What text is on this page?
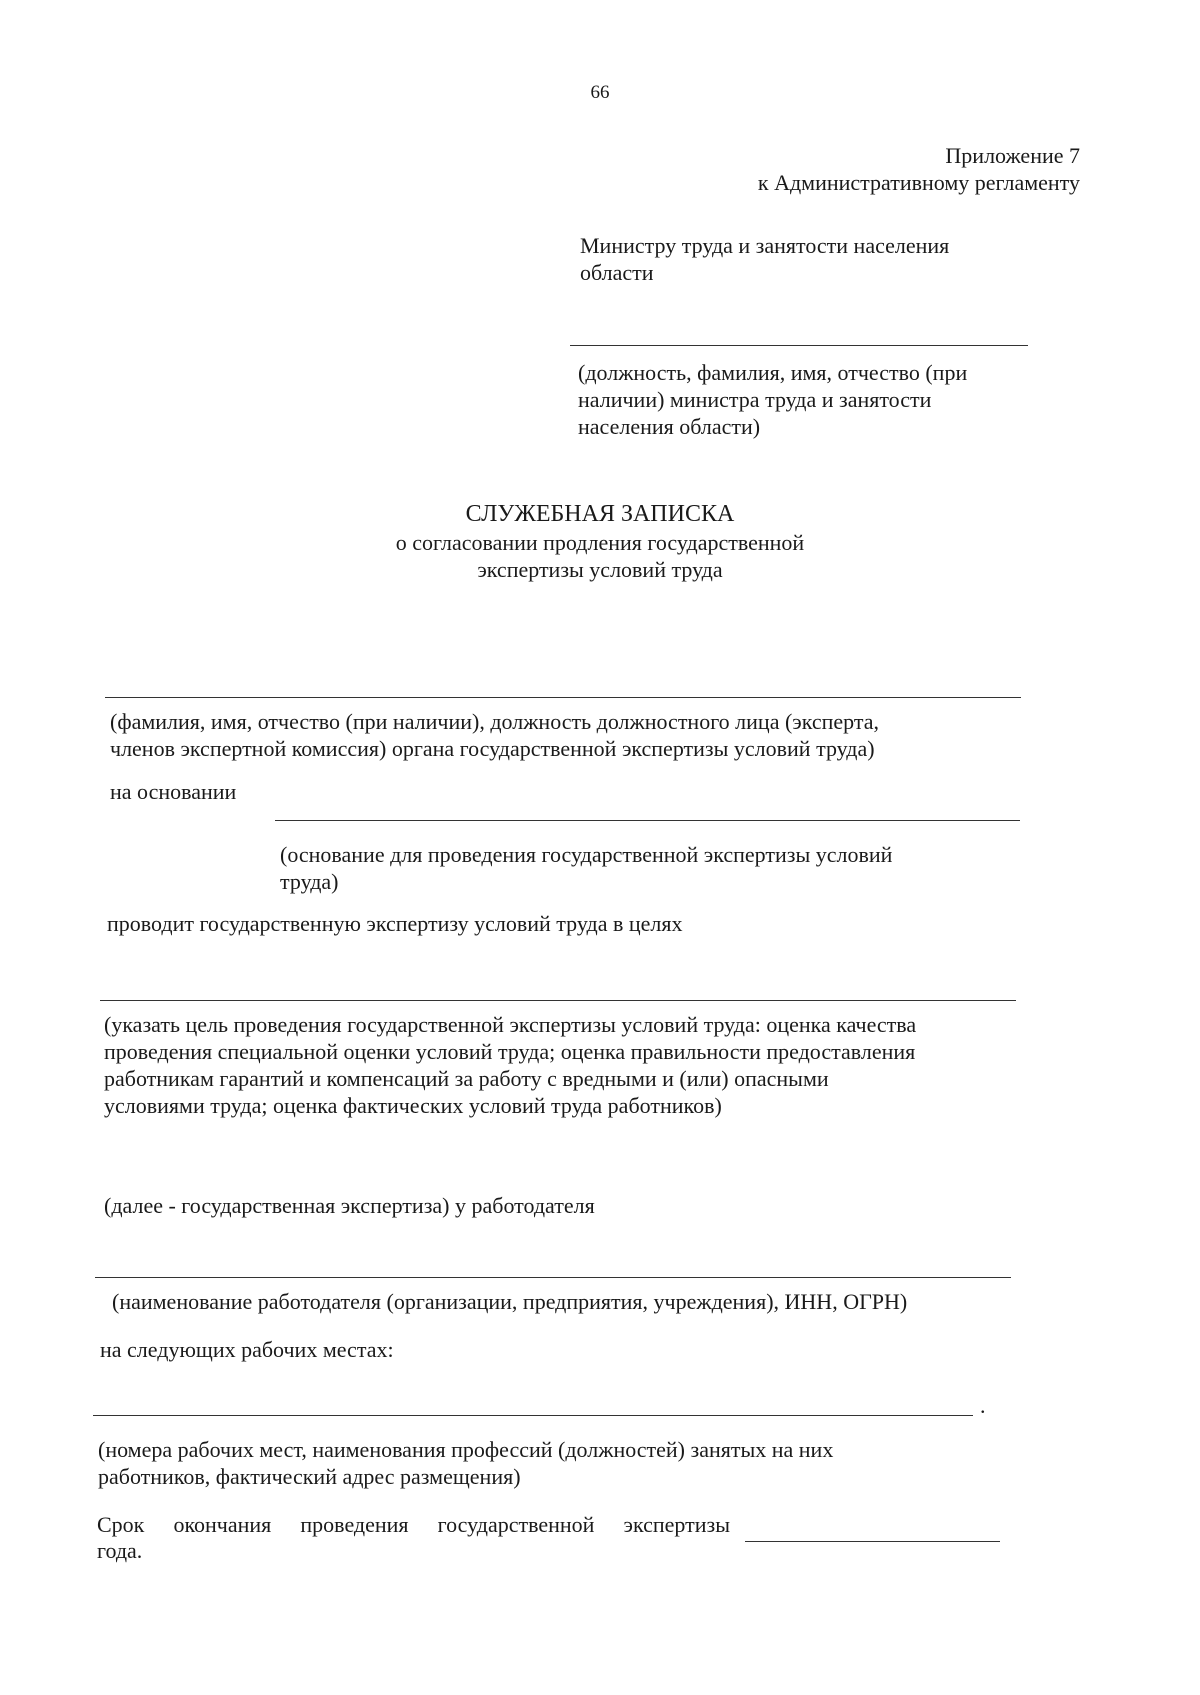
66
Приложение 7
к Административному регламенту
Министру труда и занятости населения
области
(должность, фамилия, имя, отчество (при
наличии) министра труда и занятости
населения области)
СЛУЖЕБНАЯ ЗАПИСКА
о согласовании продления государственной
экспертизы условий труда
(фамилия, имя, отчество (при наличии), должность должностного лица (эксперта,
членов экспертной комиссия) органа государственной экспертизы условий труда)
на основании
(основание для проведения государственной экспертизы условий
труда)
проводит государственную экспертизу условий труда в целях
(указать цель проведения государственной экспертизы условий труда: оценка качества
проведения специальной оценки условий труда; оценка правильности предоставления
работникам гарантий и компенсаций за работу с вредными и (или) опасными
условиями труда; оценка фактических условий труда работников)
(далее - государственная экспертиза) у работодателя
(наименование работодателя (организации, предприятия, учреждения), ИНН, ОГРН)
на следующих рабочих местах:
.
(номера рабочих мест, наименования профессий (должностей) занятых на них
работников, фактический адрес размещения)
Срок окончания проведения государственной экспертизы
года.
